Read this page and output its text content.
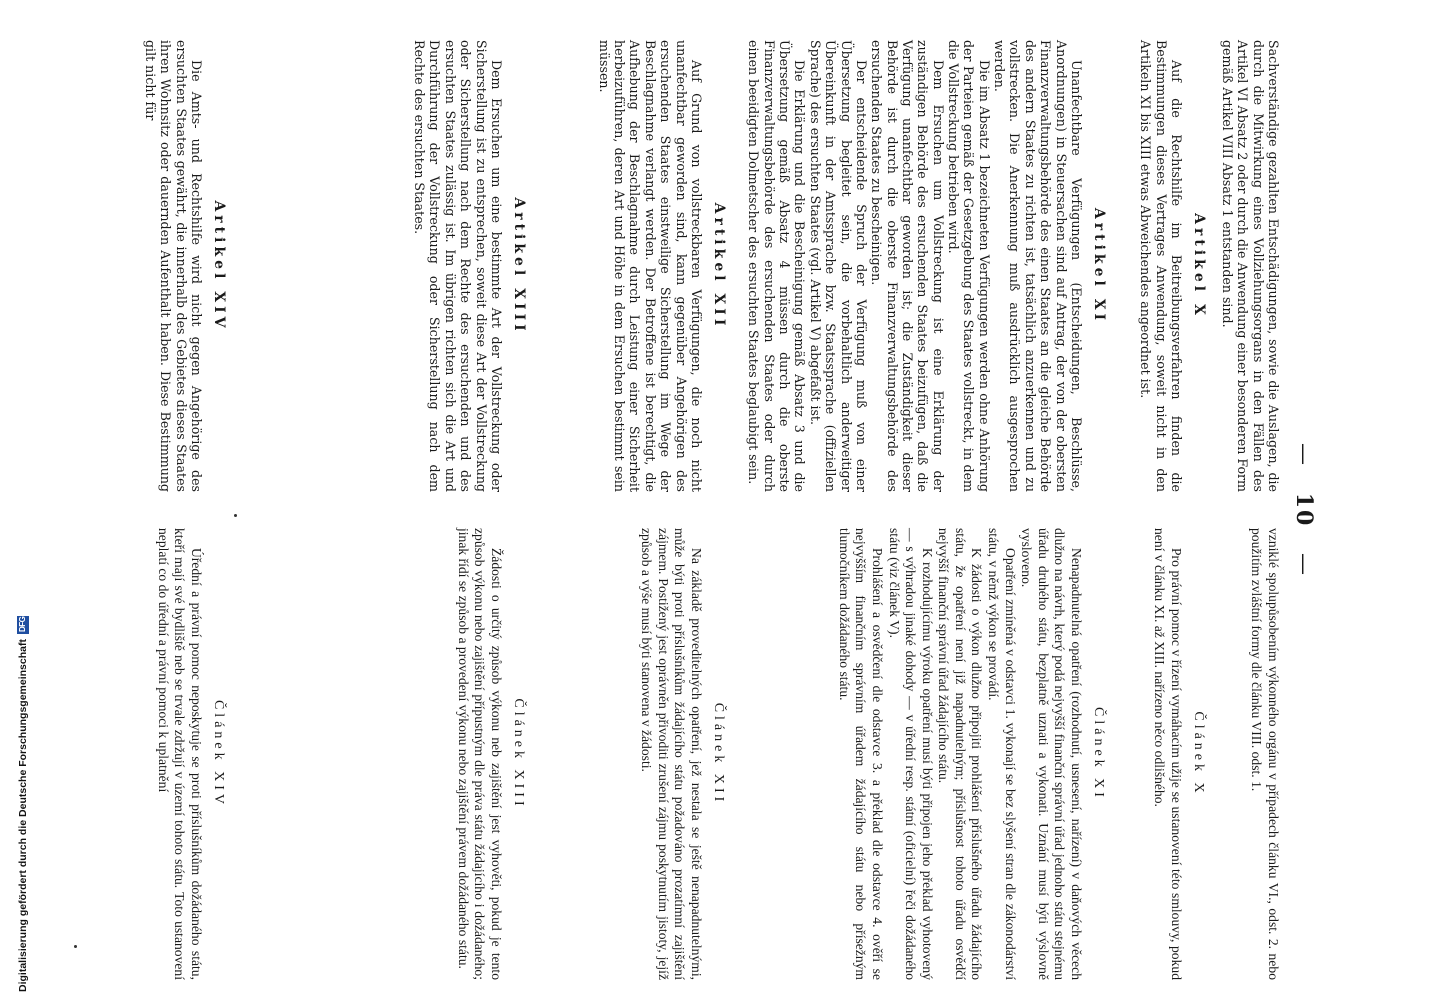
— 10 —

Sachverständige gezahlten Entschädigungen, sowie die Auslagen, die durch die Mitwirkung eines Vollziehungsorgans in den Fällen des Artikel VI Absatz 2 oder durch die Anwendung einer besonderen Form gemäß Artikel VIII Absatz 1 entstanden sind.

vzniklé spolupůsobením výkonného orgánu v případech článku VI., odst. 2. nebo použitím zvláštní formy dle článku VIII. odst. 1.

Artikel X

Auf die Rechtshilfe im Beitreibungsverfahren finden die Bestimmungen dieses Vertrages Anwendung, soweit nicht in den Artikeln XI bis XIII etwas Abweichendes angeordnet ist.

Článek X

Pro právní pomoc v řízení vymáhacím užije se ustanovení této smlouvy, pokud není v článku XI. až XIII. nařízeno něco odlišného.

Artikel XI

Unanfechtbare Verfügungen (Entscheidungen, Beschlüsse, Anordnungen) in Steuersachen sind auf Antrag, der von der obersten Finanzverwaltungsbehörde des einen Staates an die gleiche Behörde des andern Staates zu richten ist, tatsächlich anzuerkennen und zu vollstrecken. Die Anerkennung muß ausdrücklich ausgesprochen werden.

Die im Absatz 1 bezeichneten Verfügungen werden ohne Anhörung der Parteien gemäß der Gesetzgebung des Staates vollstreckt, in dem die Vollstreckung betrieben wird.

Dem Ersuchen um Vollstreckung ist eine Erklärung der zuständigen Behörde des ersuchenden Staates beizufügen, daß die Verfügung unanfechtbar geworden ist; die Zuständigkeit dieser Behörde ist durch die oberste Finanzverwaltungsbehörde des ersuchenden Staates zu bescheinigen.

Der entscheidende Spruch der Verfügung muß von einer Übersetzung begleitet sein, die vorbehaltlich anderweitiger Übereinkunft in der Amtssprache bzw. Staatssprache (offiziellen Sprache) des ersuchten Staates (vgl. Artikel V) abgefaßt ist.

Die Erklärung und die Bescheinigung gemäß Absatz 3 und die Übersetzung gemäß Absatz 4 müssen durch die oberste Finanzverwaltungsbehörde des ersuchenden Staates oder durch einen beeidigten Dolmetscher des ersuchten Staates beglaubigt sein.

Článek XI

Nenapadnutelná opatření (rozhodnutí, usnesení, nařízení) v daňových věcech dlužno na návrh, který podá nejvyšší finanční správní úřad jednoho státu stejnému úřadu druhého státu, bezplatně uznati a vykonati. Uznání musí býti výslovně vysloveno.

Opatření zmíněná v odstavci 1. vykonají se bez slyšení stran dle zákonodárství státu, v němž výkon se provádí.

K žádosti o výkon dlužno připojiti prohlášení příslušného úřadu žádajícího státu, že opatření není již napadnutelným; příslušnost tohoto úřadu osvědčí nejvyšší finanční správní úřad žádajícího státu.

K rozhodujícímu výroku opatření musí býti připojen jeho překlad vyhotovený — s výhradou jinaké dohody — v úřední resp. státní (oficielní) řeči dožádaného státu (viz článek V).

Prohlášení a osvědčení dle odstavce 3. a překlad dle odstavce 4. ověří se nejvyšším finančním správním úřadem žádajícího státu nebo přísežným tlumočníkem dožádaného státu.

Artikel XII

Auf Grund von vollstreckbaren Verfügungen, die noch nicht unanfechtbar geworden sind, kann gegenüber Angehörigen des ersuchenden Staates einstweilige Sicherstellung im Wege der Beschlagnahme verlangt werden. Der Betroffene ist berechtigt, die Aufhebung der Beschlagnahme durch Leistung einer Sicherheit herbeizuführen, deren Art und Höhe in dem Ersuchen bestimmt sein müssen.

Článek XII

Na základě proveditelných opatření, jež nestala se ještě nenapadnutelnými, může býti proti příslušníkům žádajícího státu požadováno prozatímní zajištění zájmem. Postižený jest oprávněn přivoditi zrušení zájmu poskytnutím jistoty, jejíž způsob a výše musí býti stanovena v žádosti.

Artikel XIII

Dem Ersuchen um eine bestimmte Art der Vollstreckung oder Sicherstellung ist zu entsprechen, soweit diese Art der Vollstreckung oder Sicherstellung nach dem Rechte des ersuchenden und des ersuchten Staates zulässig ist. Im übrigen richten sich die Art und Durchführung der Vollstreckung oder Sicherstellung nach dem Rechte des ersuchten Staates.

Článek XIII

Žádosti o určitý způsob výkonu neb zajištění jest vyhověti, pokud je tento způsob výkonu nebo zajištění přípustným dle práva státu žádajícího i dožádaného; jinak řídí se způsob a provedení výkonu nebo zajištění právem dožádaného státu.

Artikel XIV

Die Amts- und Rechtshilfe wird nicht gegen Angehörige des ersuchten Staates gewährt, die innerhalb des Gebietes dieses Staates ihren Wohnsitz oder dauernden Aufenthalt haben. Diese Bestimmung gilt nicht für

Článek XIV

Úřední a právní pomoc neposkytuje se proti příslušníkům dožádaného státu, kteří mají své bydliště neb se trvale zdržují v území tohoto státu. Toto ustanovení neplatí co do úřední a právní pomoci k uplatnění

Digitalisierung gefördert durch die Deutsche Forschungsgemeinschaft
DFG
